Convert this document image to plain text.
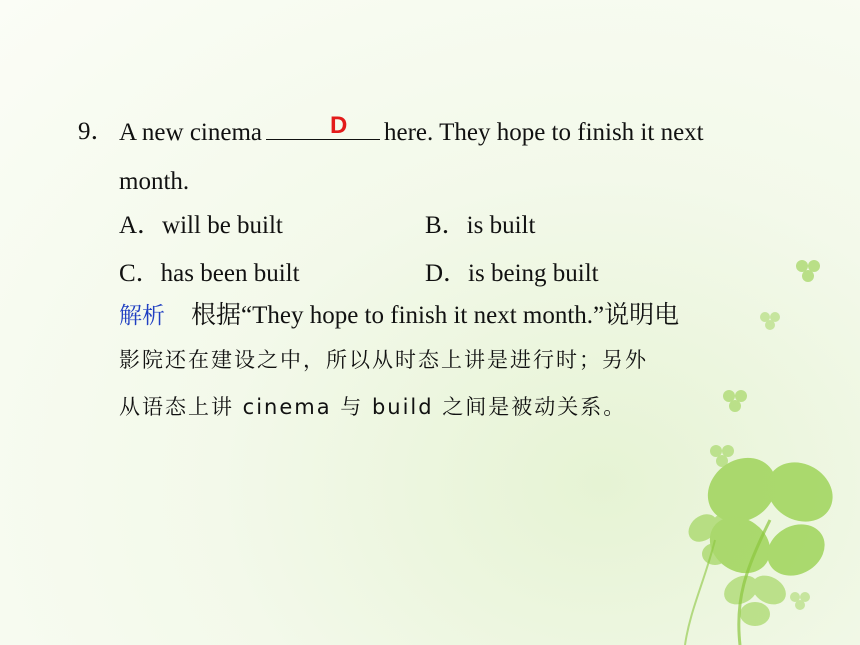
9． A new cinema	here. They hope to finish it next
D
month.
A．will be built	B．is built
C．has been built	D．is being built
解析 根据“They hope to finish it next month.”说明电
影院还在建设之中，所以从时态上讲是进行时；另外
从语态上讲 cinema 与 build 之间是被动关系。
